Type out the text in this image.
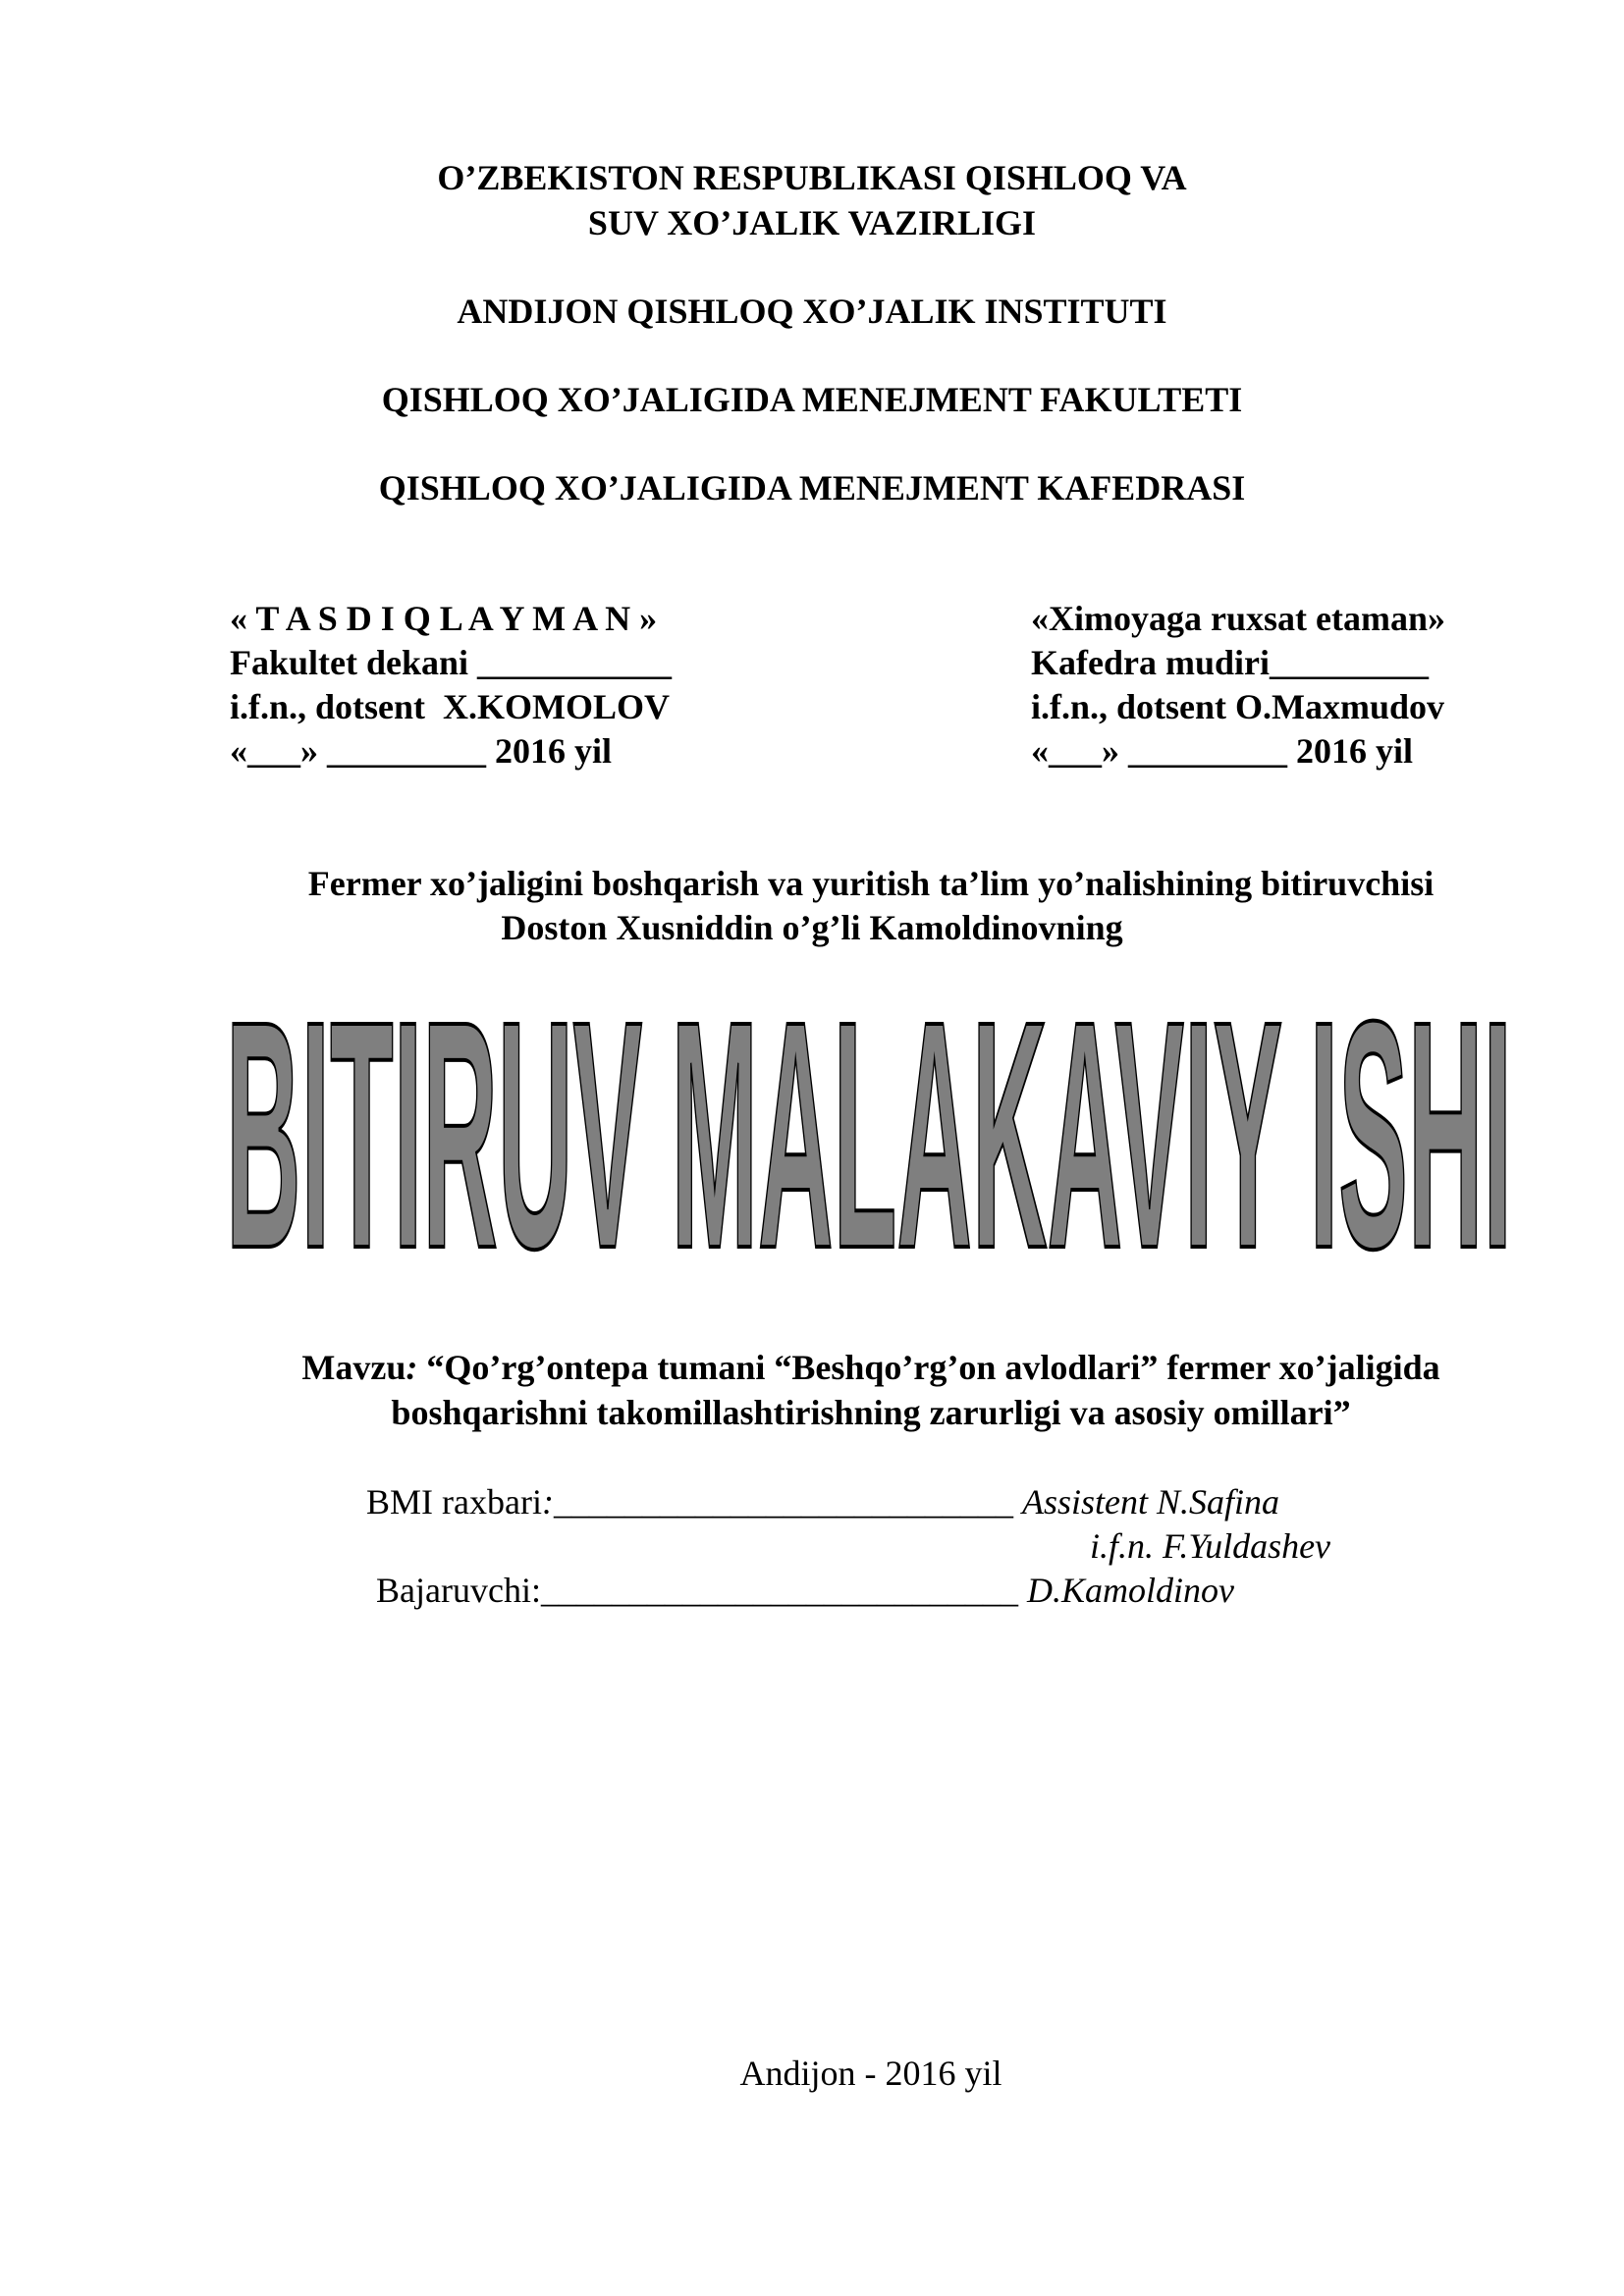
O’ZBEKISTON RESPUBLIKASI QISHLOQ VA
SUV XO’JALIK VAZIRLIGI
ANDIJON QISHLOQ XO’JALIK INSTITUTI
QISHLOQ XO’JALIGIDA MENEJMENT FAKULTETI
QISHLOQ XO’JALIGIDA MENEJMENT KAFEDRASI
« T A S D I Q L A Y M A N »
Fakultet dekani ___________
i.f.n., dotsent  X.KOMOLOV
«___» _________ 2016 yil
«Ximoyaga ruxsat etaman»
Kafedra mudiri_________
i.f.n., dotsent O.Maxmudov
«___» _________ 2016 yil
Fermer xo’jaligini boshqarish va yuritish ta’lim yo’nalishining bitiruvchisi
Doston Xusniddin o’g’li Kamoldinovning
BITIRUV MALAKAVIY ISHI
Mavzu: “Qo’rg’ontepa tumani “Beshqo’rg’on avlodlari” fermer xo’jaligida
boshqarishni takomillashtirishning zarurligi va asosiy omillari”
BMI raxbari:__________________________ Assistent N.Safina
i.f.n. F.Yuldashev
Bajaruvchi:___________________________ D.Kamoldinov
Andijon - 2016 yil
